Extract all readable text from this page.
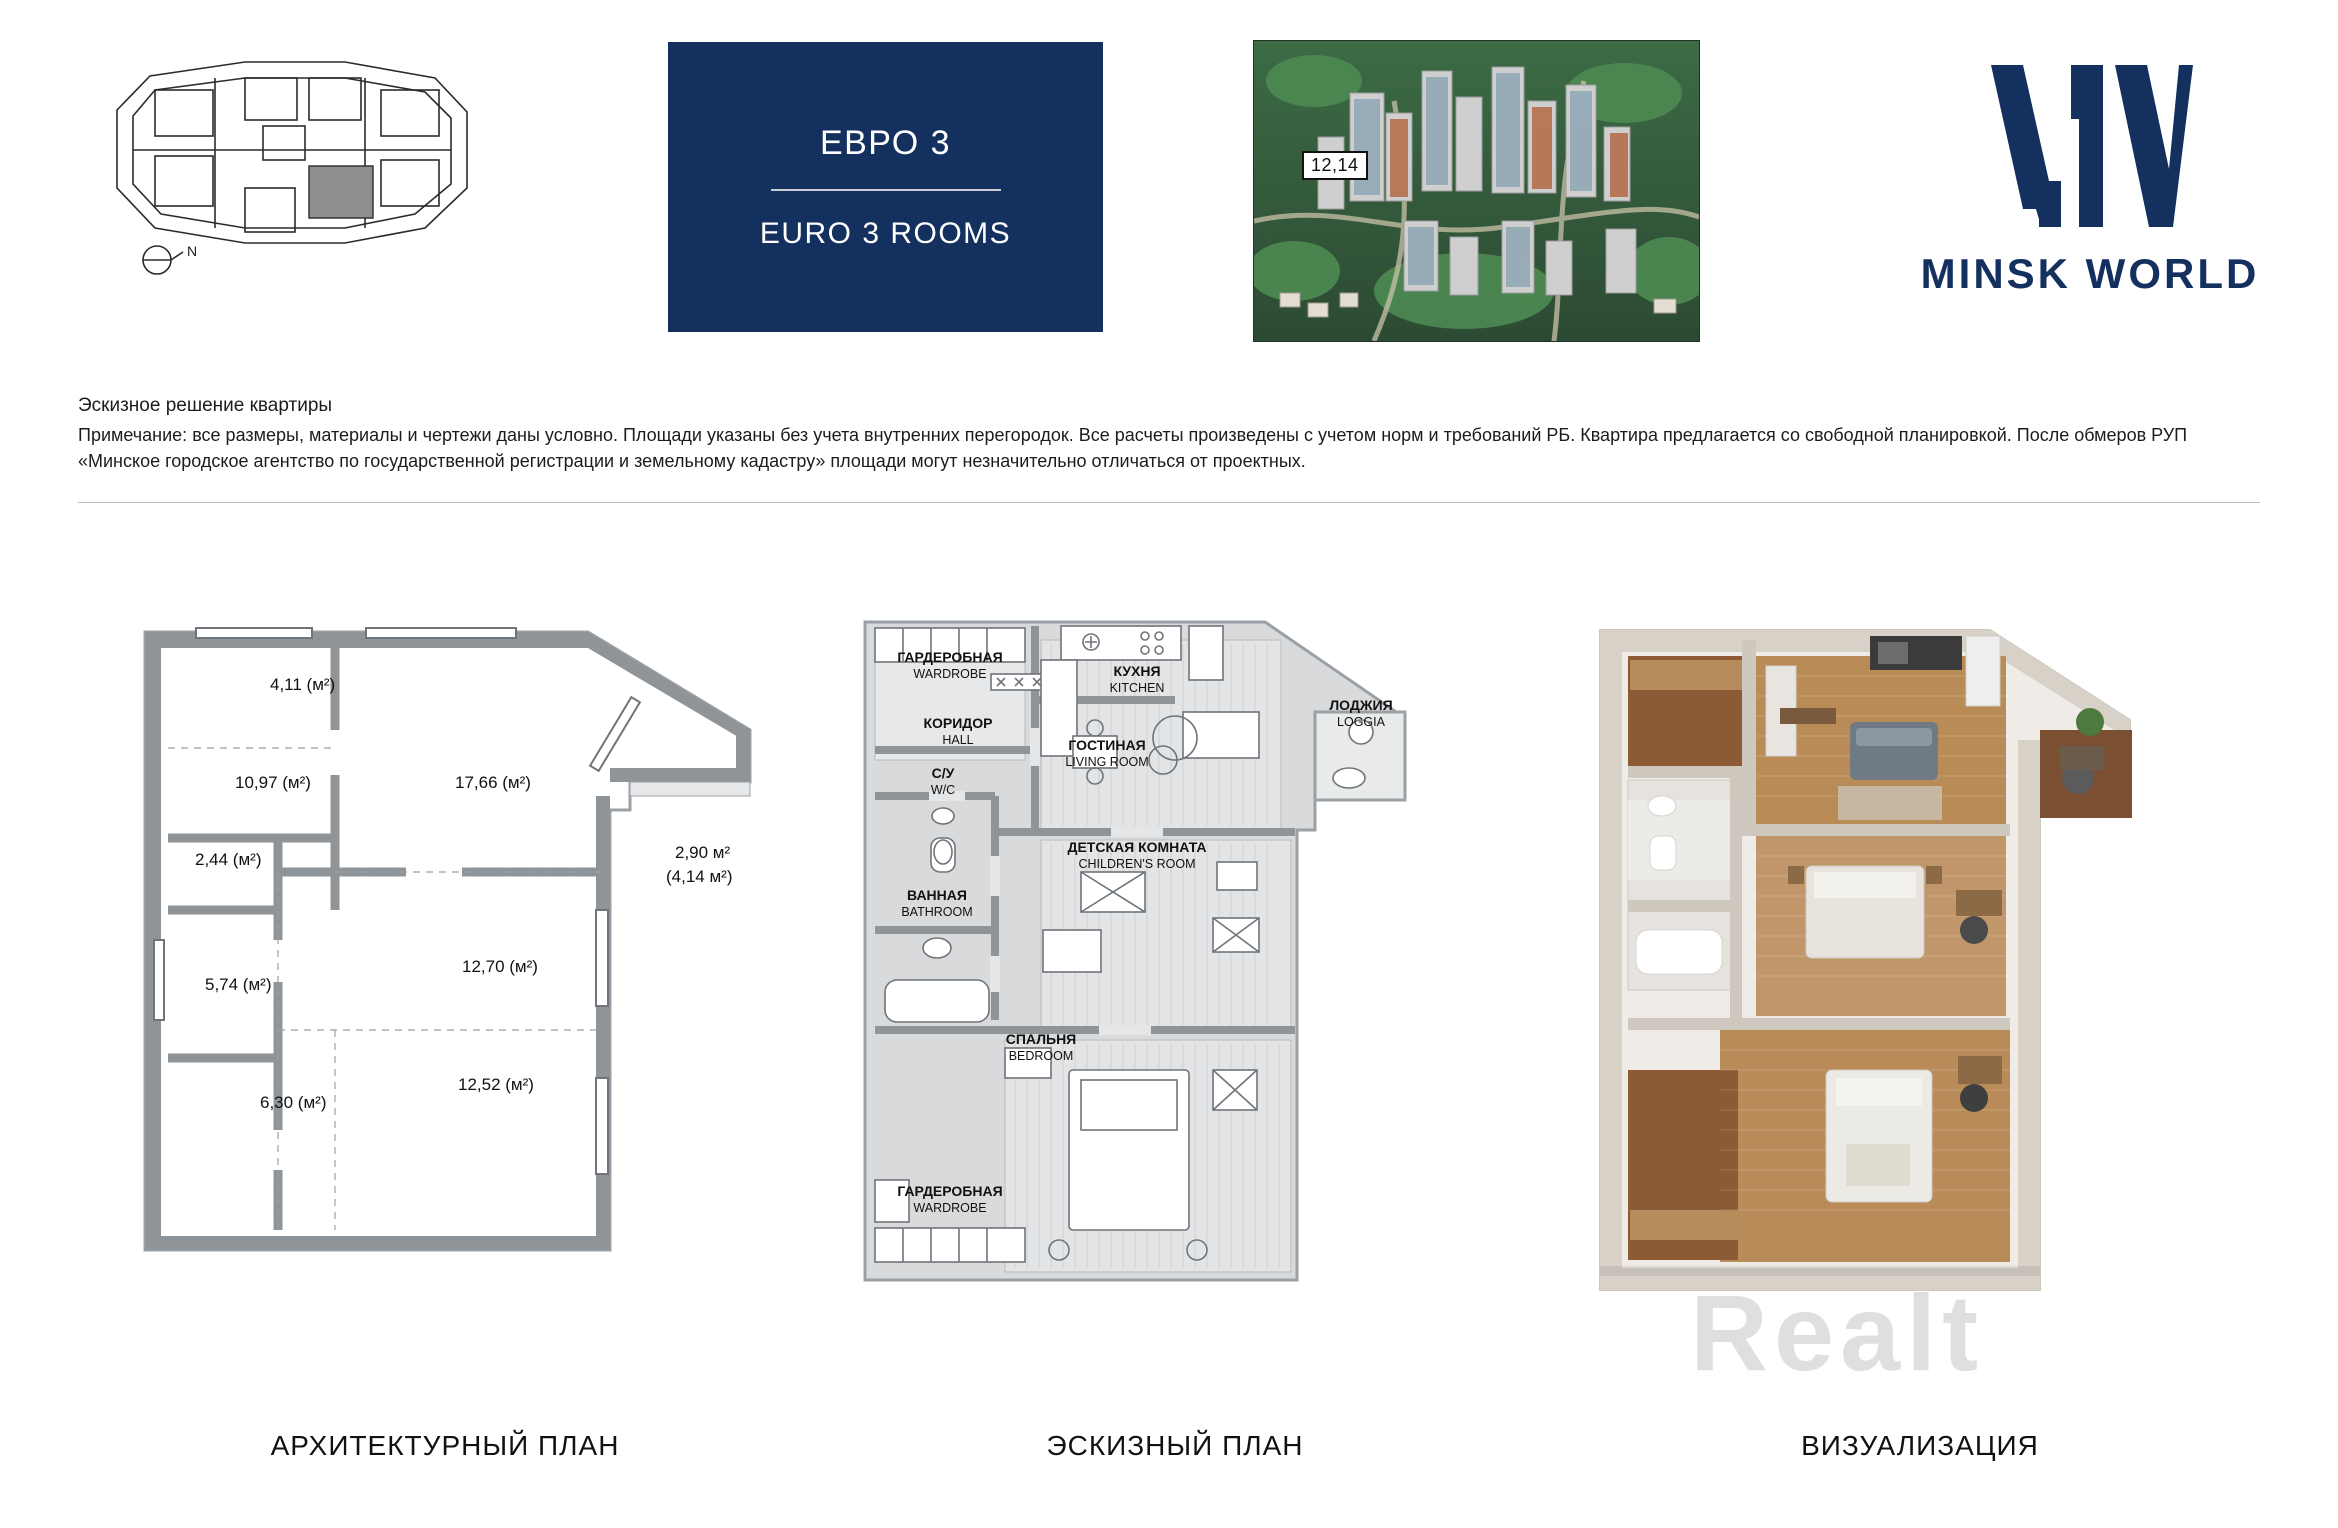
N
ЕВРО 3
EURO 3 ROOMS
12,14
MINSK WORLD
Эскизное решение квартиры
Примечание: все размеры, материалы и чертежи даны условно. Площади указаны без учета внутренних перегородок. Все расчеты произведены с учетом норм и требований РБ. Квартира предлагается со свободной планировкой. После обмеров РУП «Минское городское агентство по государственной регистрации и земельному кадастру» площади могут незначительно отличаться от проектных.
4,11 (м²)
10,97 (м²)	17,66 (м²)
2,44 (м²)	2,90 м²
(4,14 м²)
5,74 (м²)
12,70 (м²)
6,30 (м²)
12,52 (м²)
ГАРДЕРОБНАЯ
WARDROBE	КУХНЯ
KITCHEN
КОРИДОР
HALL
ЛОДЖИЯ
LOGGIA
ГОСТИНАЯ
LIVING ROOM
С/У
W/C
ВАННАЯ
BATHROOM
ДЕТСКАЯ КОМНАТА
CHILDREN'S ROOM
СПАЛЬНЯ
BEDROOM
ГАРДЕРОБНАЯ
WARDROBE
Realt
АРХИТЕКТУРНЫЙ ПЛАН	ЭСКИЗНЫЙ ПЛАН	ВИЗУАЛИЗАЦИЯ
